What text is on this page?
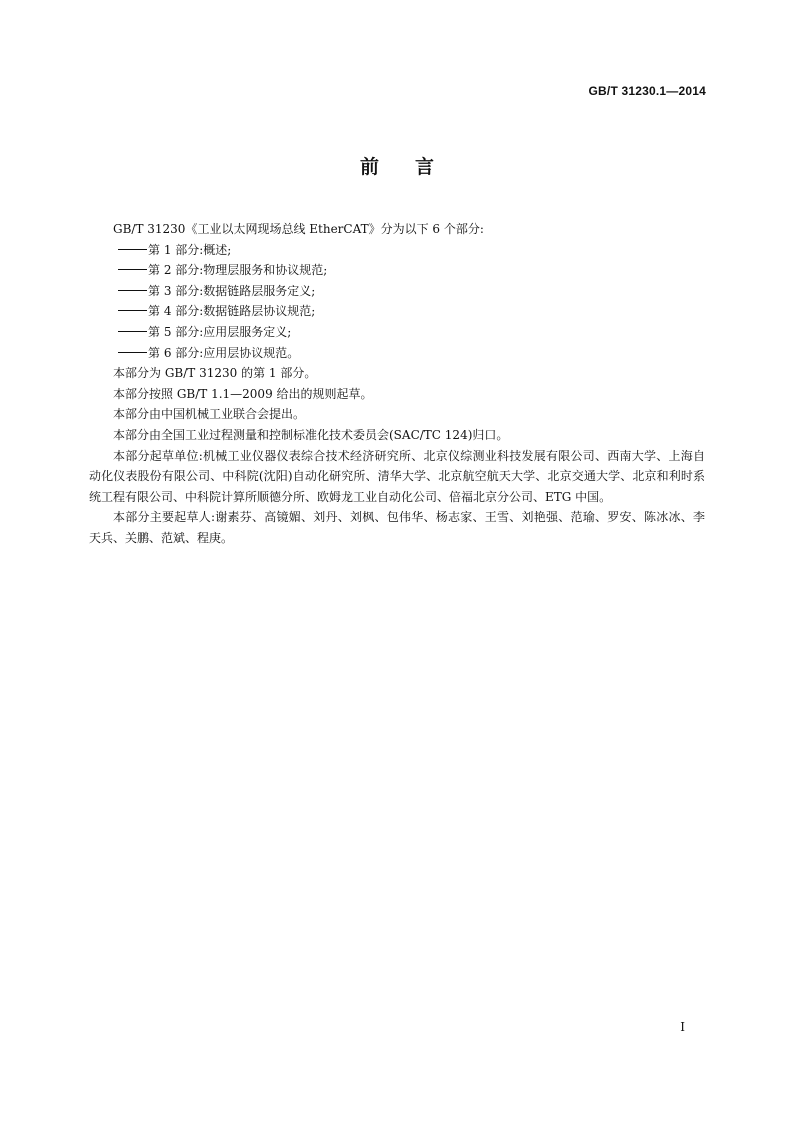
GB/T 31230.1—2014
前言

GB/T 31230《工业以太网现场总线 EtherCAT》分为以下 6 个部分:

第 1 部分:概述;

第 2 部分:物理层服务和协议规范;

第 3 部分:数据链路层服务定义;

第 4 部分:数据链路层协议规范;

第 5 部分:应用层服务定义;

第 6 部分:应用层协议规范。

本部分为 GB/T 31230 的第 1 部分。

本部分按照 GB/T 1.1—2009 给出的规则起草。

本部分由中国机械工业联合会提出。

本部分由全国工业过程测量和控制标准化技术委员会(SAC/TC 124)归口。

本部分起草单位:机械工业仪器仪表综合技术经济研究所、北京仪综测业科技发展有限公司、西南大学、上海自动化仪表股份有限公司、中科院(沈阳)自动化研究所、清华大学、北京航空航天大学、北京交通大学、北京和利时系统工程有限公司、中科院计算所顺德分所、欧姆龙工业自动化公司、倍福北京分公司、ETG 中国。

本部分主要起草人:谢素芬、高镜媚、刘丹、刘枫、包伟华、杨志家、王雪、刘艳强、范瑜、罗安、陈冰冰、李天兵、关鹏、范斌、程庚。

I
